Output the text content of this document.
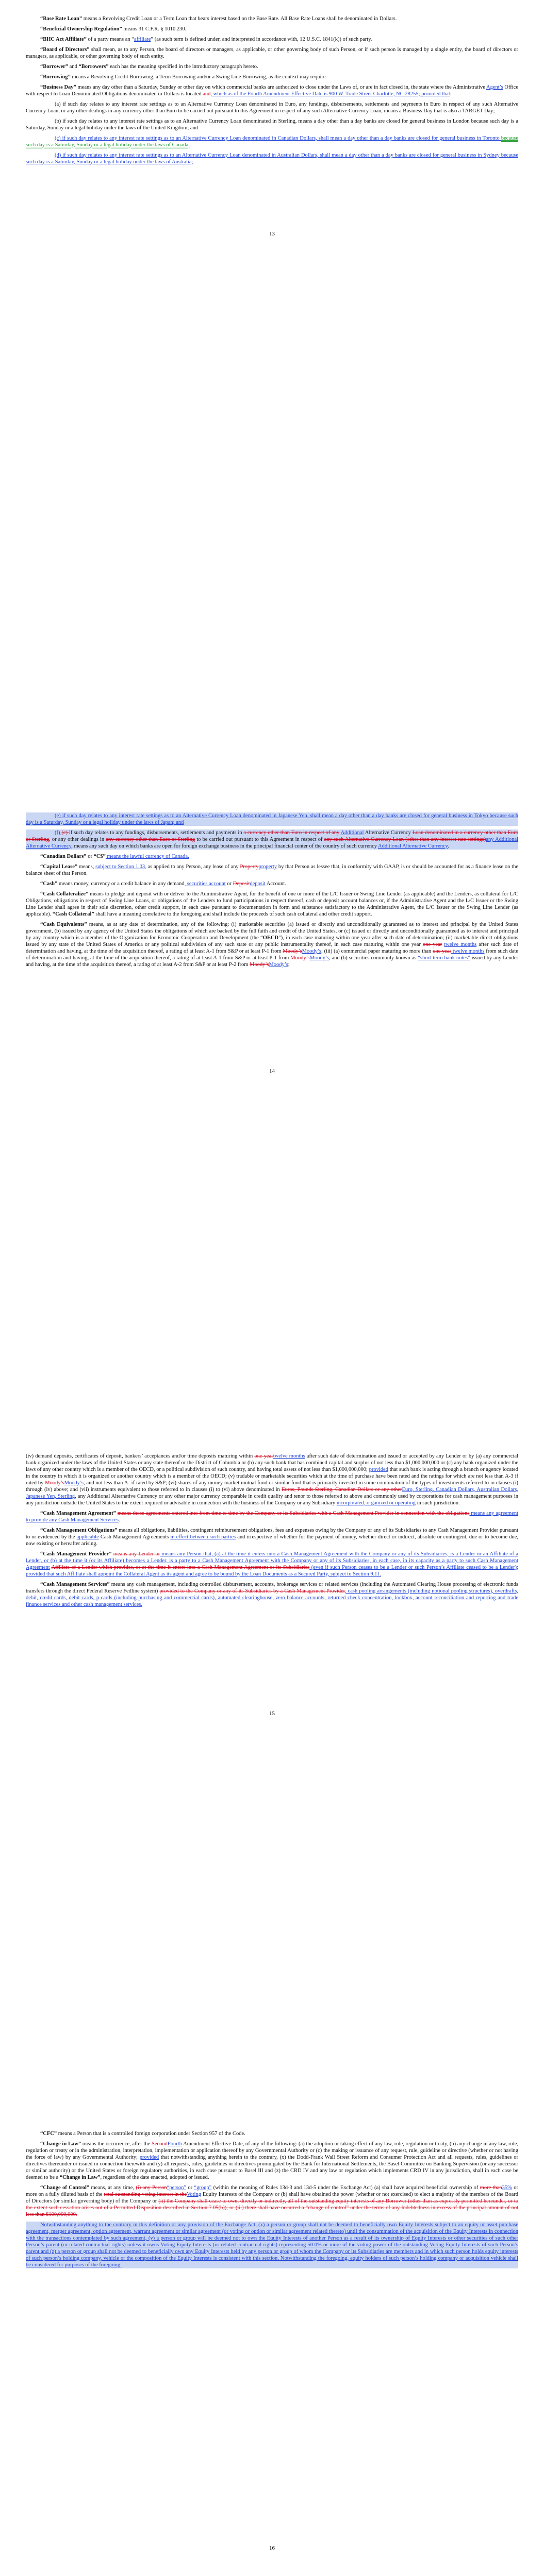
“Base Rate Loan” means a Revolving Credit Loan or a Term Loan that bears interest based on the Base Rate. All Base Rate Loans shall be denominated in Dollars.

“Beneficial Ownership Regulation” means 31 C.F.R. § 1010.230.

“BHC Act Affiliate” of a party means an “affiliate” (as such term is defined under, and interpreted in accordance with, 12 U.S.C. 1841(k)) of such party.

“Board of Directors” shall mean, as to any Person, the board of directors or managers, as applicable, or other governing body of such Person, or if such person is managed by a single entity, the board of directors or managers, as applicable, or other governing body of such entity.

“Borrower” and “Borrowers” each has the meaning specified in the introductory paragraph hereto.

“Borrowing” means a Revolving Credit Borrowing, a Term Borrowing and/or a Swing Line Borrowing, as the context may require.

“Business Day” means any day other than a Saturday, Sunday or other day on which commercial banks are authorized to close under the Laws of, or are in fact closed in, the state where the Administrative Agent’s Office with respect to Loan Denominated Obligations denominated in Dollars is located and, which as of the Fourth Amendment Effective Date is 900 W. Trade Street Charlotte, NC 28255; provided that:

(a) if such day relates to any interest rate settings as to an Alternative Currency Loan denominated in Euro, any fundings, disbursements, settlements and payments in Euro in respect of any such Alternative Currency Loan, or any other dealings in any currency other than Euro to be carried out pursuant to this Agreement in respect of any such Alternative Currency Loan, means a Business Day that is also a TARGET Day;

(b) if such day relates to any interest rate settings as to an Alternative Currency Loan denominated in Sterling, means a day other than a day banks are closed for general business in London because such day is a Saturday, Sunday or a legal holiday under the laws of the United Kingdom; and

(c) if such day relates to any interest rate settings as to an Alternative Currency Loan denominated in Canadian Dollars, shall mean a day other than a day banks are closed for general business in Toronto because such day is a Saturday, Sunday or a legal holiday under the laws of Canada;

(d) if such day relates to any interest rate settings as to an Alternative Currency Loan denominated in Australian Dollars, shall mean a day other than a day banks are closed for general business in Sydney because such day is a Saturday, Sunday or a legal holiday under the laws of Australia;

13

(e) if such day relates to any interest rate settings as to an Alternative Currency Loan denominated in Japanese Yen, shall mean a day other than a day banks are closed for general business in Tokyo because such day is a Saturday, Sunday or a legal holiday under the laws of Japan; and

(f) (c) if such day relates to any fundings, disbursements, settlements and payments in a currency other than Euro in respect of any Additional Alternative Currency Loan denominated in a currency other than Euro or Sterling, or any other dealings in any currency other than Euro or Sterling to be carried out pursuant to this Agreement in respect of any such Alternative Currency Loan (other than any interest rate settings)any Additional Alternative Currency, means any such day on which banks are open for foreign exchange business in the principal financial center of the country of such currency Additional Alternative Currency.

“Canadian Dollars” or “C$” means the lawful currency of Canada.

“Capital Lease” means, subject to Section 1.03, as applied to any Person, any lease of any Propertyproperty by that Person as lessee that, in conformity with GAAP, is or should be accounted for as a finance lease on the balance sheet of that Person.

“Cash” means money, currency or a credit balance in any demand, securities account or Depositdeposit Account.

“Cash Collateralize” means to pledge and deposit with or deliver to the Administrative Agent, for the benefit of one or more of the L/C Issuer or Swing Line Lender (as applicable) and the Lenders, as collateral for L/C Obligations, obligations in respect of Swing Line Loans, or obligations of the Lenders to fund participations in respect thereof, cash or deposit account balances or, if the Administrative Agent and the L/C Issuer or the Swing Line Lender shall agree in their sole discretion, other credit support, in each case pursuant to documentation in form and substance satisfactory to the Administrative Agent, the L/C Issuer or the Swing Line Lender (as applicable). “Cash Collateral” shall have a meaning correlative to the foregoing and shall include the proceeds of such cash collateral and other credit support.

“Cash Equivalents” means, as at any date of determination, any of the following: (i) marketable securities (a) issued or directly and unconditionally guaranteed as to interest and principal by the United States government, (b) issued by any agency of the United States the obligations of which are backed by the full faith and credit of the United States, or (c) issued or directly and unconditionally guaranteed as to interest and principal by any country which is a member of the Organization for Economic Cooperation and Development (the “OECD”), in each case maturing within one year after such date of determination; (ii) marketable direct obligations issued by any state of the United States of America or any political subdivision of any such state or any public instrumentality thereof, in each case maturing within one year one year twelve months after such date of determination and having, at the time of the acquisition thereof, a rating of at least A-1 from S&P or at least P-1 from Moody’sMoody’s; (iii) (a) commercial paper maturing no more than one year twelve months from such date of determination and having, at the time of the acquisition thereof, a rating of at least A-1 from S&P or at least P-1 from Moody’sMoody’s, and (b) securities commonly known as “short-term bank notes” issued by any Lender and having, at the time of the acquisition thereof, a rating of at least A-2 from S&P or at least P-2 from Moody’sMoody’s;

14

(iv) demand deposits, certificates of deposit, bankers’ acceptances and/or time deposits maturing within one yeartwelve months after such date of determination and issued or accepted by any Lender or by (a) any commercial bank organized under the laws of the United States or any state thereof or the District of Columbia or (b) any such bank that has combined capital and surplus of not less than $1,000,000,000 or (c) any bank organized under the laws of any other country which is a member of the OECD, or a political subdivision of such country, and having total assets of not less than $1,000,000,000; provided that such bank is acting through a branch or agency located in the country in which it is organized or another country which is a member of the OECD; (v) tradable or marketable securities which at the time of purchase have been rated and the ratings for which are not less than A-3 if rated by Moody’sMoody’s, and not less than A- if rated by S&P; (vi) shares of any money market mutual fund or similar fund that is primarily invested in some combination of the types of investments referred to in clauses (i) through (iv) above; and (vii) instruments equivalent to those referred to in clauses (i) to (vi) above denominated in Euros, Pounds Sterling, Canadian Dollars or any otherEuro, Sterling, Canadian Dollars, Australian Dollars, Japanese Yen, Sterling, any Additional Alternative Currency or any other major currency comparable in credit quality and tenor to those referred to above and commonly used by corporations for cash management purposes in any jurisdiction outside the United States to the extent required or advisable in connection with the business of the Company or any Subsidiary incorporated, organized or operating in such jurisdiction.

“Cash Management Agreement” means those agreements entered into from time to time by the Company or its Subsidiaries with a Cash Management Provider in connection with the obligations means any agreement to provide any Cash Management Services.

“Cash Management Obligations” means all obligations, liabilities, contingent reimbursement obligations, fees and expenses owing by the Company or any of its Subsidiaries to any Cash Management Provider pursuant to or evidenced by the applicable Cash Management Agreements in effect between such parties and irrespective of whether for the payment of money, whether direct or indirect, absolute or contingent, due or to become due, now existing or hereafter arising.

“Cash Management Provider” means any Lender or means any Person that, (a) at the time it enters into a Cash Management Agreement with the Company or any of its Subsidiaries, is a Lender or an Affiliate of a Lender, or (b) at the time it (or its Affiliate) becomes a Lender, is a party to a Cash Management Agreement with the Company or any of its Subsidiaries, in each case, in its capacity as a party to such Cash Management Agreement Affiliate of a Lender which provides, or at the time it enters into a Cash Management Agreement or its Subsidiaries (even if such Person ceases to be a Lender or such Person’s Affiliate ceased to be a Lender); provided that such Affiliate shall appoint the Collateral Agent as its agent and agree to be bound by the Loan Documents as a Secured Party, subject to Section 9.11.

“Cash Management Services” means any cash management, including controlled disbursement, accounts, brokerage services or related services (including the Automated Clearing House processing of electronic funds transfers through the direct Federal Reserve Fedline system) provided to the Company or any of its Subsidiaries by a Cash Management Provider, cash pooling arrangements (including notional pooling structures), overdrafts, debit, credit cards, debit cards, p-cards (including purchasing and commercial cards), automated clearinghouse, zero balance accounts, returned check concentration, lockbox, account reconciliation and reporting and trade finance services and other cash management services.

15

“CFC” means a Person that is a controlled foreign corporation under Section 957 of the Code.

“Change in Law” means the occurrence, after the SecondFourth Amendment Effective Date, of any of the following: (a) the adoption or taking effect of any law, rule, regulation or treaty, (b) any change in any law, rule, regulation or treaty or in the administration, interpretation, implementation or application thereof by any Governmental Authority or (c) the making or issuance of any request, rule, guideline or directive (whether or not having the force of law) by any Governmental Authority; provided that notwithstanding anything herein to the contrary, (x) the Dodd-Frank Wall Street Reform and Consumer Protection Act and all requests, rules, guidelines or directives thereunder or issued in connection therewith and (y) all requests, rules, guidelines or directives promulgated by the Bank for International Settlements, the Basel Committee on Banking Supervision (or any successor or similar authority) or the United States or foreign regulatory authorities, in each case pursuant to Basel III and (z) the CRD IV and any law or regulation which implements CRD IV in any jurisdiction, shall in each case be deemed to be a “Change in Law”, regardless of the date enacted, adopted or issued.

“Change of Control” means, at any time, (i) any Person“person” or “group” (within the meaning of Rules 13d-3 and 13d-5 under the Exchange Act) (a) shall have acquired beneficial ownership of more than35% or more on a fully diluted basis of the total outstanding voting interest in theVoting Equity Interests of the Company or (b) shall have obtained the power (whether or not exercised) to elect a majority of the members of the Board of Directors (or similar governing body) of the Company or (ii) the Company shall cease to own, directly or indirectly, all of the outstanding equity interests of any Borrower (other than as expressly permitted hereunder, or to the extent such cessation arises out of a Permitted Disposition described in Section 7.05(b)); or (iii) there shall have occurred a “change of control” under the terms of any Indebtedness in excess of the principal amount of not less than $100,000,000.

Notwithstanding anything to the contrary in this definition or any provision of the Exchange Act, (x) a person or group shall not be deemed to beneficially own Equity Interests subject to an equity or asset purchase agreement, merger agreement, option agreement, warrant agreement or similar agreement (or voting or option or similar agreement related thereto) until the consummation of the acquisition of the Equity Interests in connection with the transactions contemplated by such agreement, (y) a person or group will be deemed not to own the Equity Interests of another Person as a result of its ownership of Equity Interests or other securities of such other Person’s parent (or related contractual rights) unless it owns Voting Equity Interests (or related contractual rights) representing 50.0% or more of the voting power of the outstanding Voting Equity Interests of such Person’s parent and (z) a person or group shall not be deemed to beneficially own any Equity Interests held by any person or group of whom the Company or its Subsidiaries are members and in which such person holds equity interests of such person’s holding company, vehicle or the composition of the Equity Interests is consistent with this section. Notwithstanding the foregoing, equity holders of such person’s holding company or acquisition vehicle shall be considered for purposes of the foregoing.

16
